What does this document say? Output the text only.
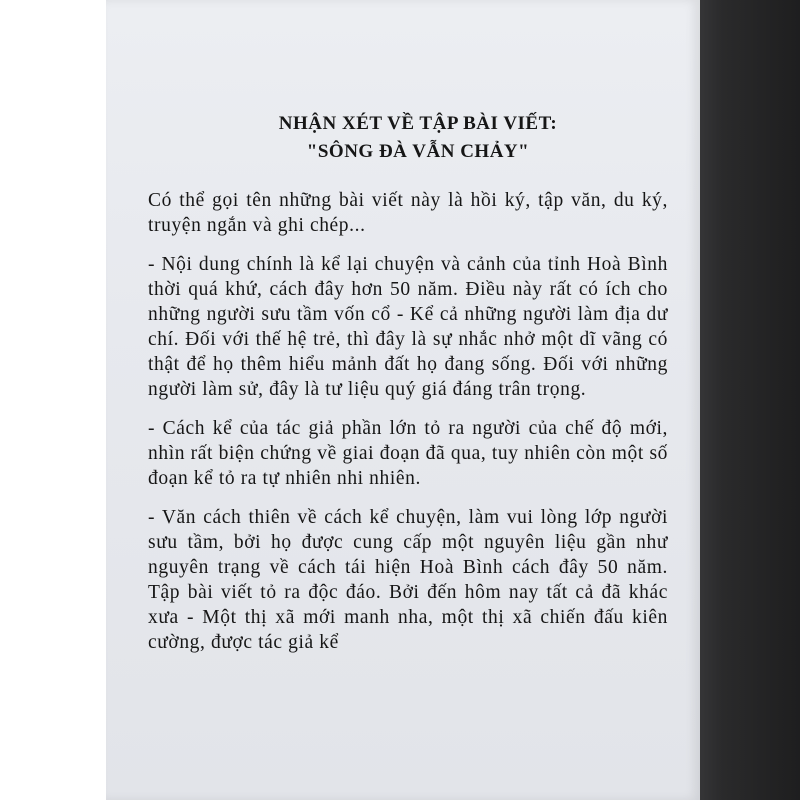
NHẬN XÉT VỀ TẬP BÀI VIẾT:
"SÔNG ĐÀ VẪN CHẢY"

Có thể gọi tên những bài viết này là hồi ký, tập văn, du ký, truyện ngắn và ghi chép...

- Nội dung chính là kể lại chuyện và cảnh của tỉnh Hoà Bình thời quá khứ, cách đây hơn 50 năm. Điều này rất có ích cho những người sưu tầm vốn cổ - Kể cả những người làm địa dư chí. Đối với thế hệ trẻ, thì đây là sự nhắc nhở một dĩ vãng có thật để họ thêm hiểu mảnh đất họ đang sống. Đối với những người làm sử, đây là tư liệu quý giá đáng trân trọng.

- Cách kể của tác giả phần lớn tỏ ra người của chế độ mới, nhìn rất biện chứng về giai đoạn đã qua, tuy nhiên còn một số đoạn kể tỏ ra tự nhiên nhi nhiên.

- Văn cách thiên về cách kể chuyện, làm vui lòng lớp người sưu tầm, bởi họ được cung cấp một nguyên liệu gần như nguyên trạng về cách tái hiện Hoà Bình cách đây 50 năm. Tập bài viết tỏ ra độc đáo. Bởi đến hôm nay tất cả đã khác xưa - Một thị xã mới manh nha, một thị xã chiến đấu kiên cường, được tác giả kể
